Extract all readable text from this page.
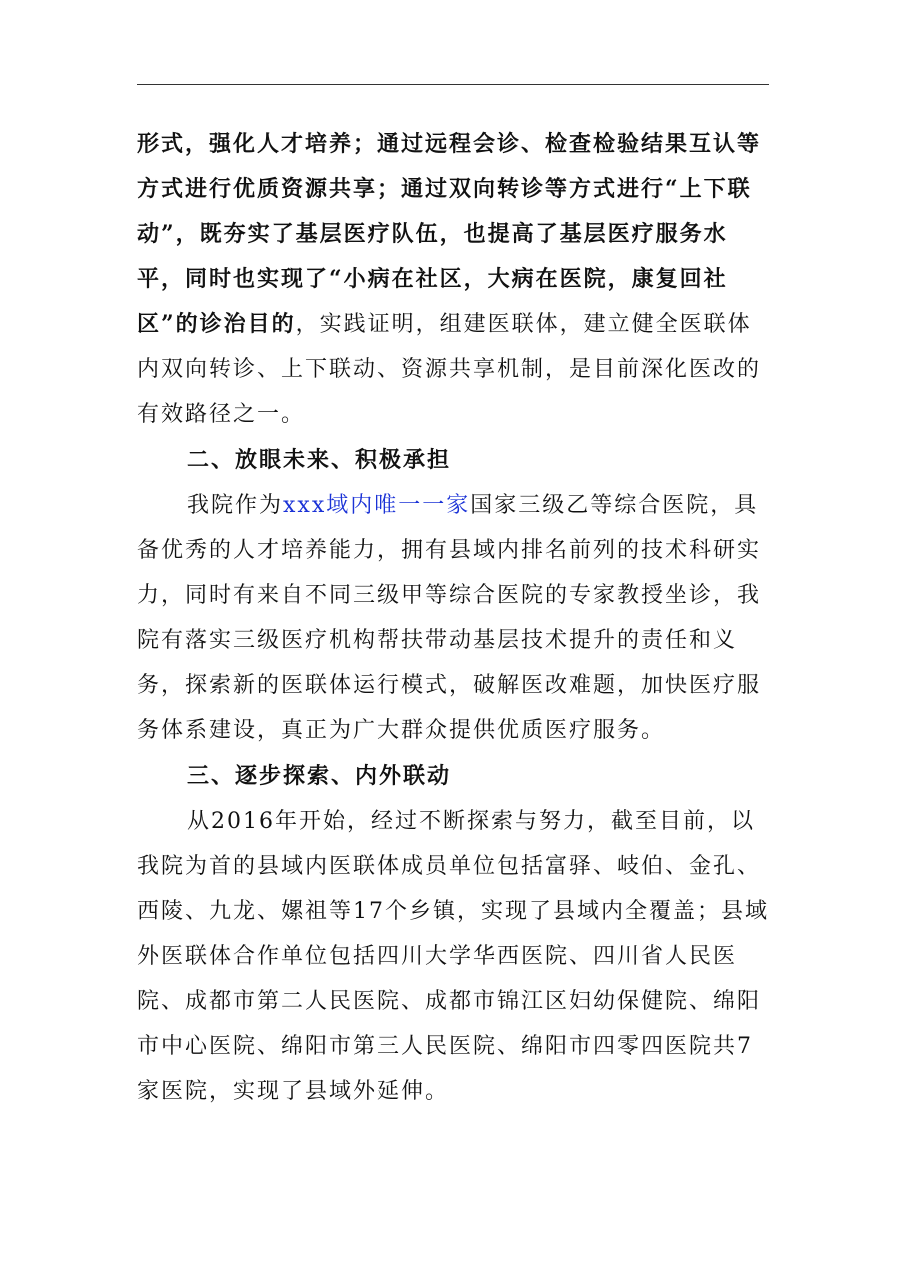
形式，强化人才培养；通过远程会诊、检查检验结果互认等方式进行优质资源共享；通过双向转诊等方式进行“上下联动”，既夯实了基层医疗队伍，也提高了基层医疗服务水平，同时也实现了“小病在社区，大病在医院，康复回社区”的诊治目的，实践证明，组建医联体，建立健全医联体内双向转诊、上下联动、资源共享机制，是目前深化医改的有效路径之一。

二、放眼未来、积极承担

我院作为xxx域内唯一一家国家三级乙等综合医院，具备优秀的人才培养能力，拥有县域内排名前列的技术科研实力，同时有来自不同三级甲等综合医院的专家教授坐诊，我院有落实三级医疗机构帮扶带动基层技术提升的责任和义务，探索新的医联体运行模式，破解医改难题，加快医疗服务体系建设，真正为广大群众提供优质医疗服务。

三、逐步探索、内外联动

从2016年开始，经过不断探索与努力，截至目前，以我院为首的县域内医联体成员单位包括富驿、岐伯、金孔、西陵、九龙、嫘祖等17个乡镇，实现了县域内全覆盖；县域外医联体合作单位包括四川大学华西医院、四川省人民医院、成都市第二人民医院、成都市锦江区妇幼保健院、绵阳市中心医院、绵阳市第三人民医院、绵阳市四零四医院共7家医院，实现了县域外延伸。
